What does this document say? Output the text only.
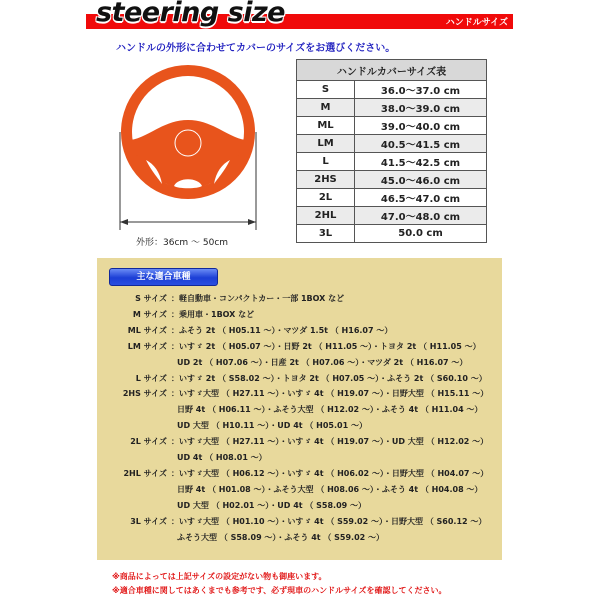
steering size	ハンドルサイズ
ハンドルの外形に合わせてカバーのサイズをお選びください。
外形：36cm 〜 50cm
ハンドルカバーサイズ表	
S	36.0〜37.0 cm
M	38.0〜39.0 cm
ML	39.0〜40.0 cm
LM	40.5〜41.5 cm
L	41.5〜42.5 cm
2HS	45.0〜46.0 cm
2L	46.5〜47.0 cm
2HL	47.0〜48.0 cm
3L	50.0 cm
主な適合車種
S サイズ ：軽自動車・コンパクトカー・一部 1BOX など
M サイズ ：乗用車・1BOX など
ML サイズ ：ふそう 2t （ H05.11 〜）・マツダ 1.5t （ H16.07 〜）
LM サイズ ：いすゞ 2t （ H05.07 〜）・日野 2t （ H11.05 〜）・トヨタ 2t （ H11.05 〜）
UD 2t （ H07.06 〜）・日産 2t （ H07.06 〜）・マツダ 2t （ H16.07 〜）
L サイズ ：いすゞ 2t （ S58.02 〜）・トヨタ 2t （ H07.05 〜）・ふそう 2t （ S60.10 〜）
2HS サイズ ：いすゞ大型 （ H27.11 〜）・いすゞ 4t （ H19.07 〜）・日野大型 （ H15.11 〜）
日野 4t （ H06.11 〜）・ふそう大型 （ H12.02 〜）・ふそう 4t （ H11.04 〜）
UD 大型 （ H10.11 〜）・UD 4t （ H05.01 〜）
2L サイズ ：いすゞ大型 （ H27.11 〜）・いすゞ 4t （ H19.07 〜）・UD 大型 （ H12.02 〜）
UD 4t （ H08.01 〜）
2HL サイズ ：いすゞ大型 （ H06.12 〜）・いすゞ 4t （ H06.02 〜）・日野大型 （ H04.07 〜）
日野 4t （ H01.08 〜）・ふそう大型 （ H08.06 〜）・ふそう 4t （ H04.08 〜）
UD 大型 （ H02.01 〜）・UD 4t （ S58.09 〜）
3L サイズ ：いすゞ大型 （ H01.10 〜）・いすゞ 4t （ S59.02 〜）・日野大型 （ S60.12 〜）
ふそう大型 （ S58.09 〜）・ふそう 4t （ S59.02 〜）
※商品によっては上記サイズの設定がない物も御座います。
※適合車種に関してはあくまでも参考です、必ず現車のハンドルサイズを確認してください。
